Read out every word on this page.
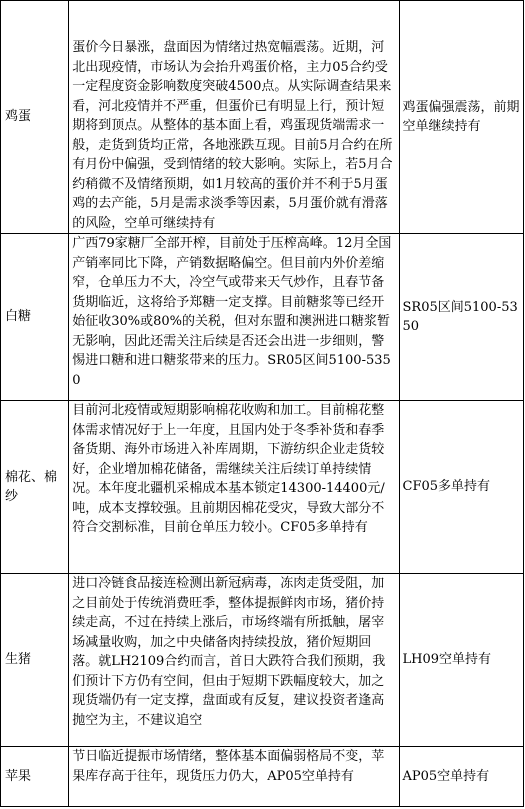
鸡蛋	蛋价今日暴涨，盘面因为情绪过热宽幅震荡。近期，河北出现疫情，市场认为会抬升鸡蛋价格，主力05合约受一定程度资金影响数度突破4500点。从实际调查结果来看，河北疫情并不严重，但蛋价已有明显上行，预计短期将到顶点。从整体的基本面上看，鸡蛋现货端需求一般，走货到货均正常，各地涨跌互现。目前5月合约在所有月份中偏强，受到情绪的较大影响。实际上，若5月合约稍微不及情绪预期，如1月较高的蛋价并不利于5月蛋鸡的去产能，5月是需求淡季等因素，5月蛋价就有滑落的风险，空单可继续持有	鸡蛋偏强震荡，前期空单继续持有
白糖	广西79家糖厂全部开榨，目前处于压榨高峰。12月全国产销率同比下降，产销数据略偏空。但目前内外价差缩窄，仓单压力不大，冷空气或带来天气炒作，且春节备货期临近，这将给予郑糖一定支撑。目前糖浆等已经开始征收30%或80%的关税，但对东盟和澳洲进口糖浆暂无影响，因此还需关注后续是否还会出进一步细则，警惕进口糖和进口糖浆带来的压力。SR05区间5100-5350	SR05区间5100-5350
棉花、棉纱	目前河北疫情或短期影响棉花收购和加工。目前棉花整体需求情况好于上一年度，且国内处于冬季补货和春季备货期、海外市场进入补库周期，下游纺织企业走货较好，企业增加棉花储备，需继续关注后续订单持续情况。本年度北疆机采棉成本基本锁定14300-14400元/吨，成本支撑较强。且前期因棉花受灾，导致大部分不符合交割标准，目前仓单压力较小。CF05多单持有	CF05多单持有
生猪	进口冷链食品接连检测出新冠病毒，冻肉走货受阻，加之目前处于传统消费旺季，整体提振鲜肉市场，猪价持续走高，不过在持续上涨后，市场终端有所抵触，屠宰场减量收购，加之中央储备肉持续投放，猪价短期回落。就LH2109合约而言，首日大跌符合我们预期，我们预计下方仍有空间，但由于短期下跌幅度较大，加之现货端仍有一定支撑，盘面或有反复，建议投资者逢高抛空为主，不建议追空	LH09空单持有
苹果	节日临近提振市场情绪，整体基本面偏弱格局不变，苹果库存高于往年，现货压力仍大，AP05空单持有	AP05空单持有
